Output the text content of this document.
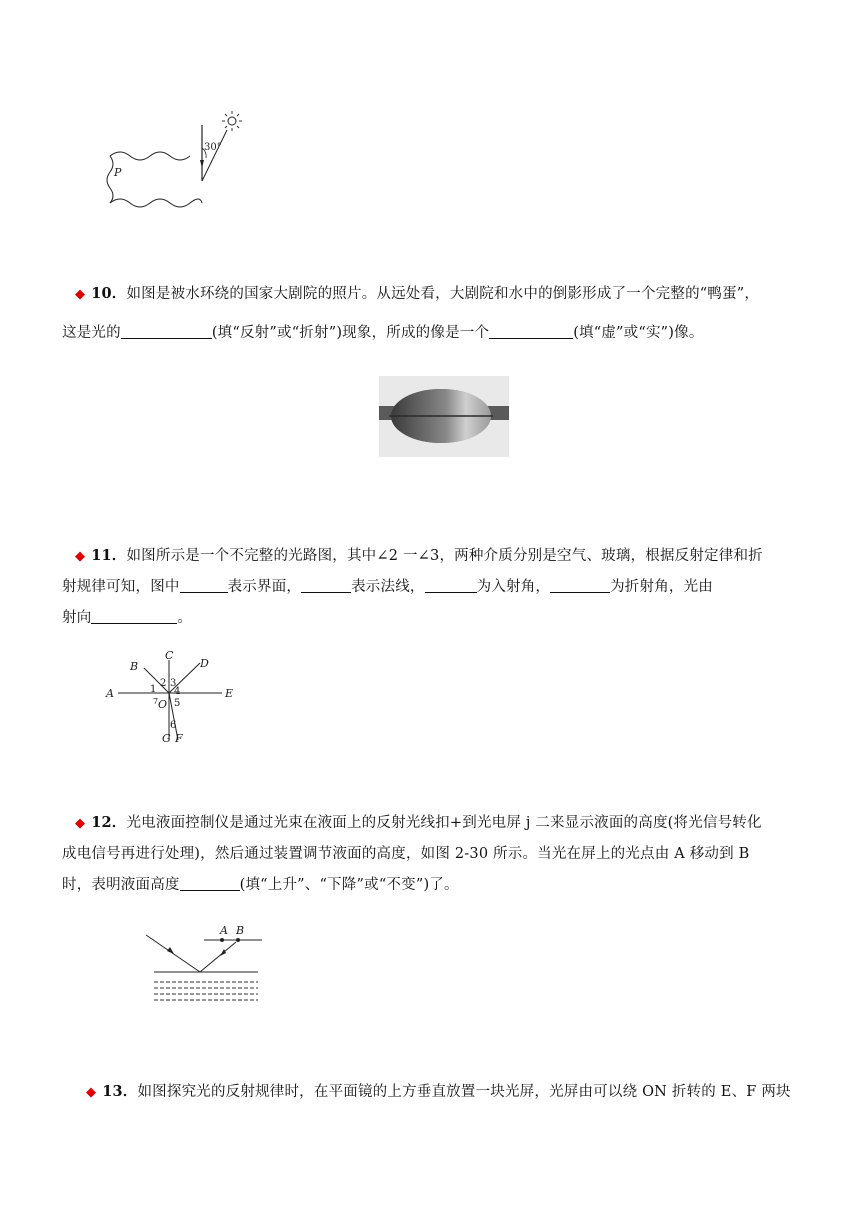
30°
P
◆ 10．如图是被水环绕的国家大剧院的照片。从远处看，大剧院和水中的倒影形成了一个完整的“鸭蛋”，
这是光的	(填“反射”或“折射”)现象，所成的像是一个	(填“虚”或“实”)像。
◆ 11．如图所示是一个不完整的光路图，其中∠2 一∠3，两种介质分别是空气、玻璃，根据反射定律和折
射规律可知，图中	表示界面，	表示法线，	为入射角，	为折射角，光由
射向	。
A
B
C
D
E
G F
O
1
2 3
4
5
6
7
◆ 12．光电液面控制仪是通过光束在液面上的反射光线扣+到光电屏 j 二来显示液面的高度(将光信号转化
成电信号再进行处理)，然后通过装置调节液面的高度，如图 2-30 所示。当光在屏上的光点由 A 移动到 B
时，表明液面高度	(填“上升”、“下降”或“不变”)了。
A B
◆ 13．如图探究光的反射规律时，在平面镜的上方垂直放置一块光屏，光屏由可以绕 ON 折转的 E、F 两块
